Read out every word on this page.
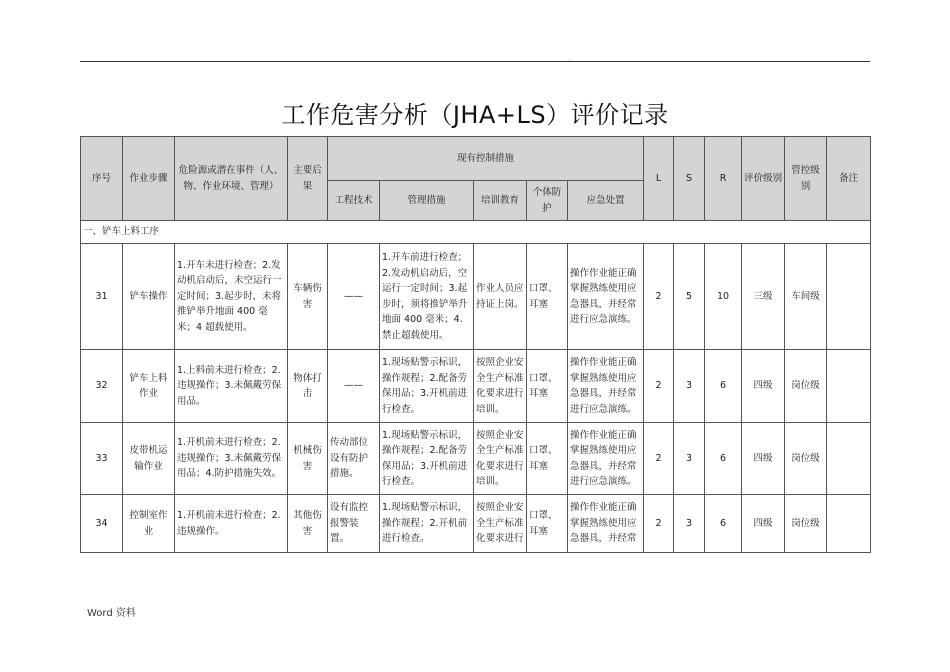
.
工作危害分析（JHA+LS）评价记录
序号	作业步骤	危险源或潜在事件（人、物、作业环境、管理）	主要后果	现有控制措施					L	S	R	评价级别	管控级别	备注
				工程技术	管理措施	培训教育	个体防护	应急处置						
一、铲车上料工序														
31	铲车操作	1.开车未进行检查；2.发动机启动后，未空运行一定时间；3.起步时，未将推铲举升地面 400 毫米；4 超载使用。	车辆伤害	——	1.开车前进行检查；2.发动机启动后，空运行一定时间；3.起步时，须将推铲举升地面 400 毫米；4.禁止超载使用。	作业人员应持证上岗。	口罩、耳塞	操作作业能正确掌握熟练使用应急器具，并经常进行应急演练。	2	5	10	三级	车间级	
32	铲车上料作业	1.上料前未进行检查；2.违规操作；3.未佩戴劳保用品。	物体打击	——	1.现场贴警示标识，操作规程；2.配备劳保用品；3.开机前进行检查。	按照企业安全生产标准化要求进行培训。	口罩、耳塞	操作作业能正确掌握熟练使用应急器具，并经常进行应急演练。	2	3	6	四级	岗位级	
33	皮带机运输作业	1.开机前未进行检查；2.违规操作；3.未佩戴劳保用品；4.防护措施失效。	机械伤害	传动部位设有防护措施。	1.现场贴警示标识，操作规程；2.配备劳保用品；3.开机前进行检查。	按照企业安全生产标准化要求进行培训。	口罩、耳塞	操作作业能正确掌握熟练使用应急器具，并经常进行应急演练。	2	3	6	四级	岗位级	
34	控制室作业	1.开机前未进行检查；2.违规操作。	其他伤害	设有监控报警装置。	1.现场贴警示标识，操作规程；2.开机前进行检查。	按照企业安全生产标准化要求进行	口罩、耳塞	操作作业能正确掌握熟练使用应急器具，并经常	2	3	6	四级	岗位级	
Word 资料
